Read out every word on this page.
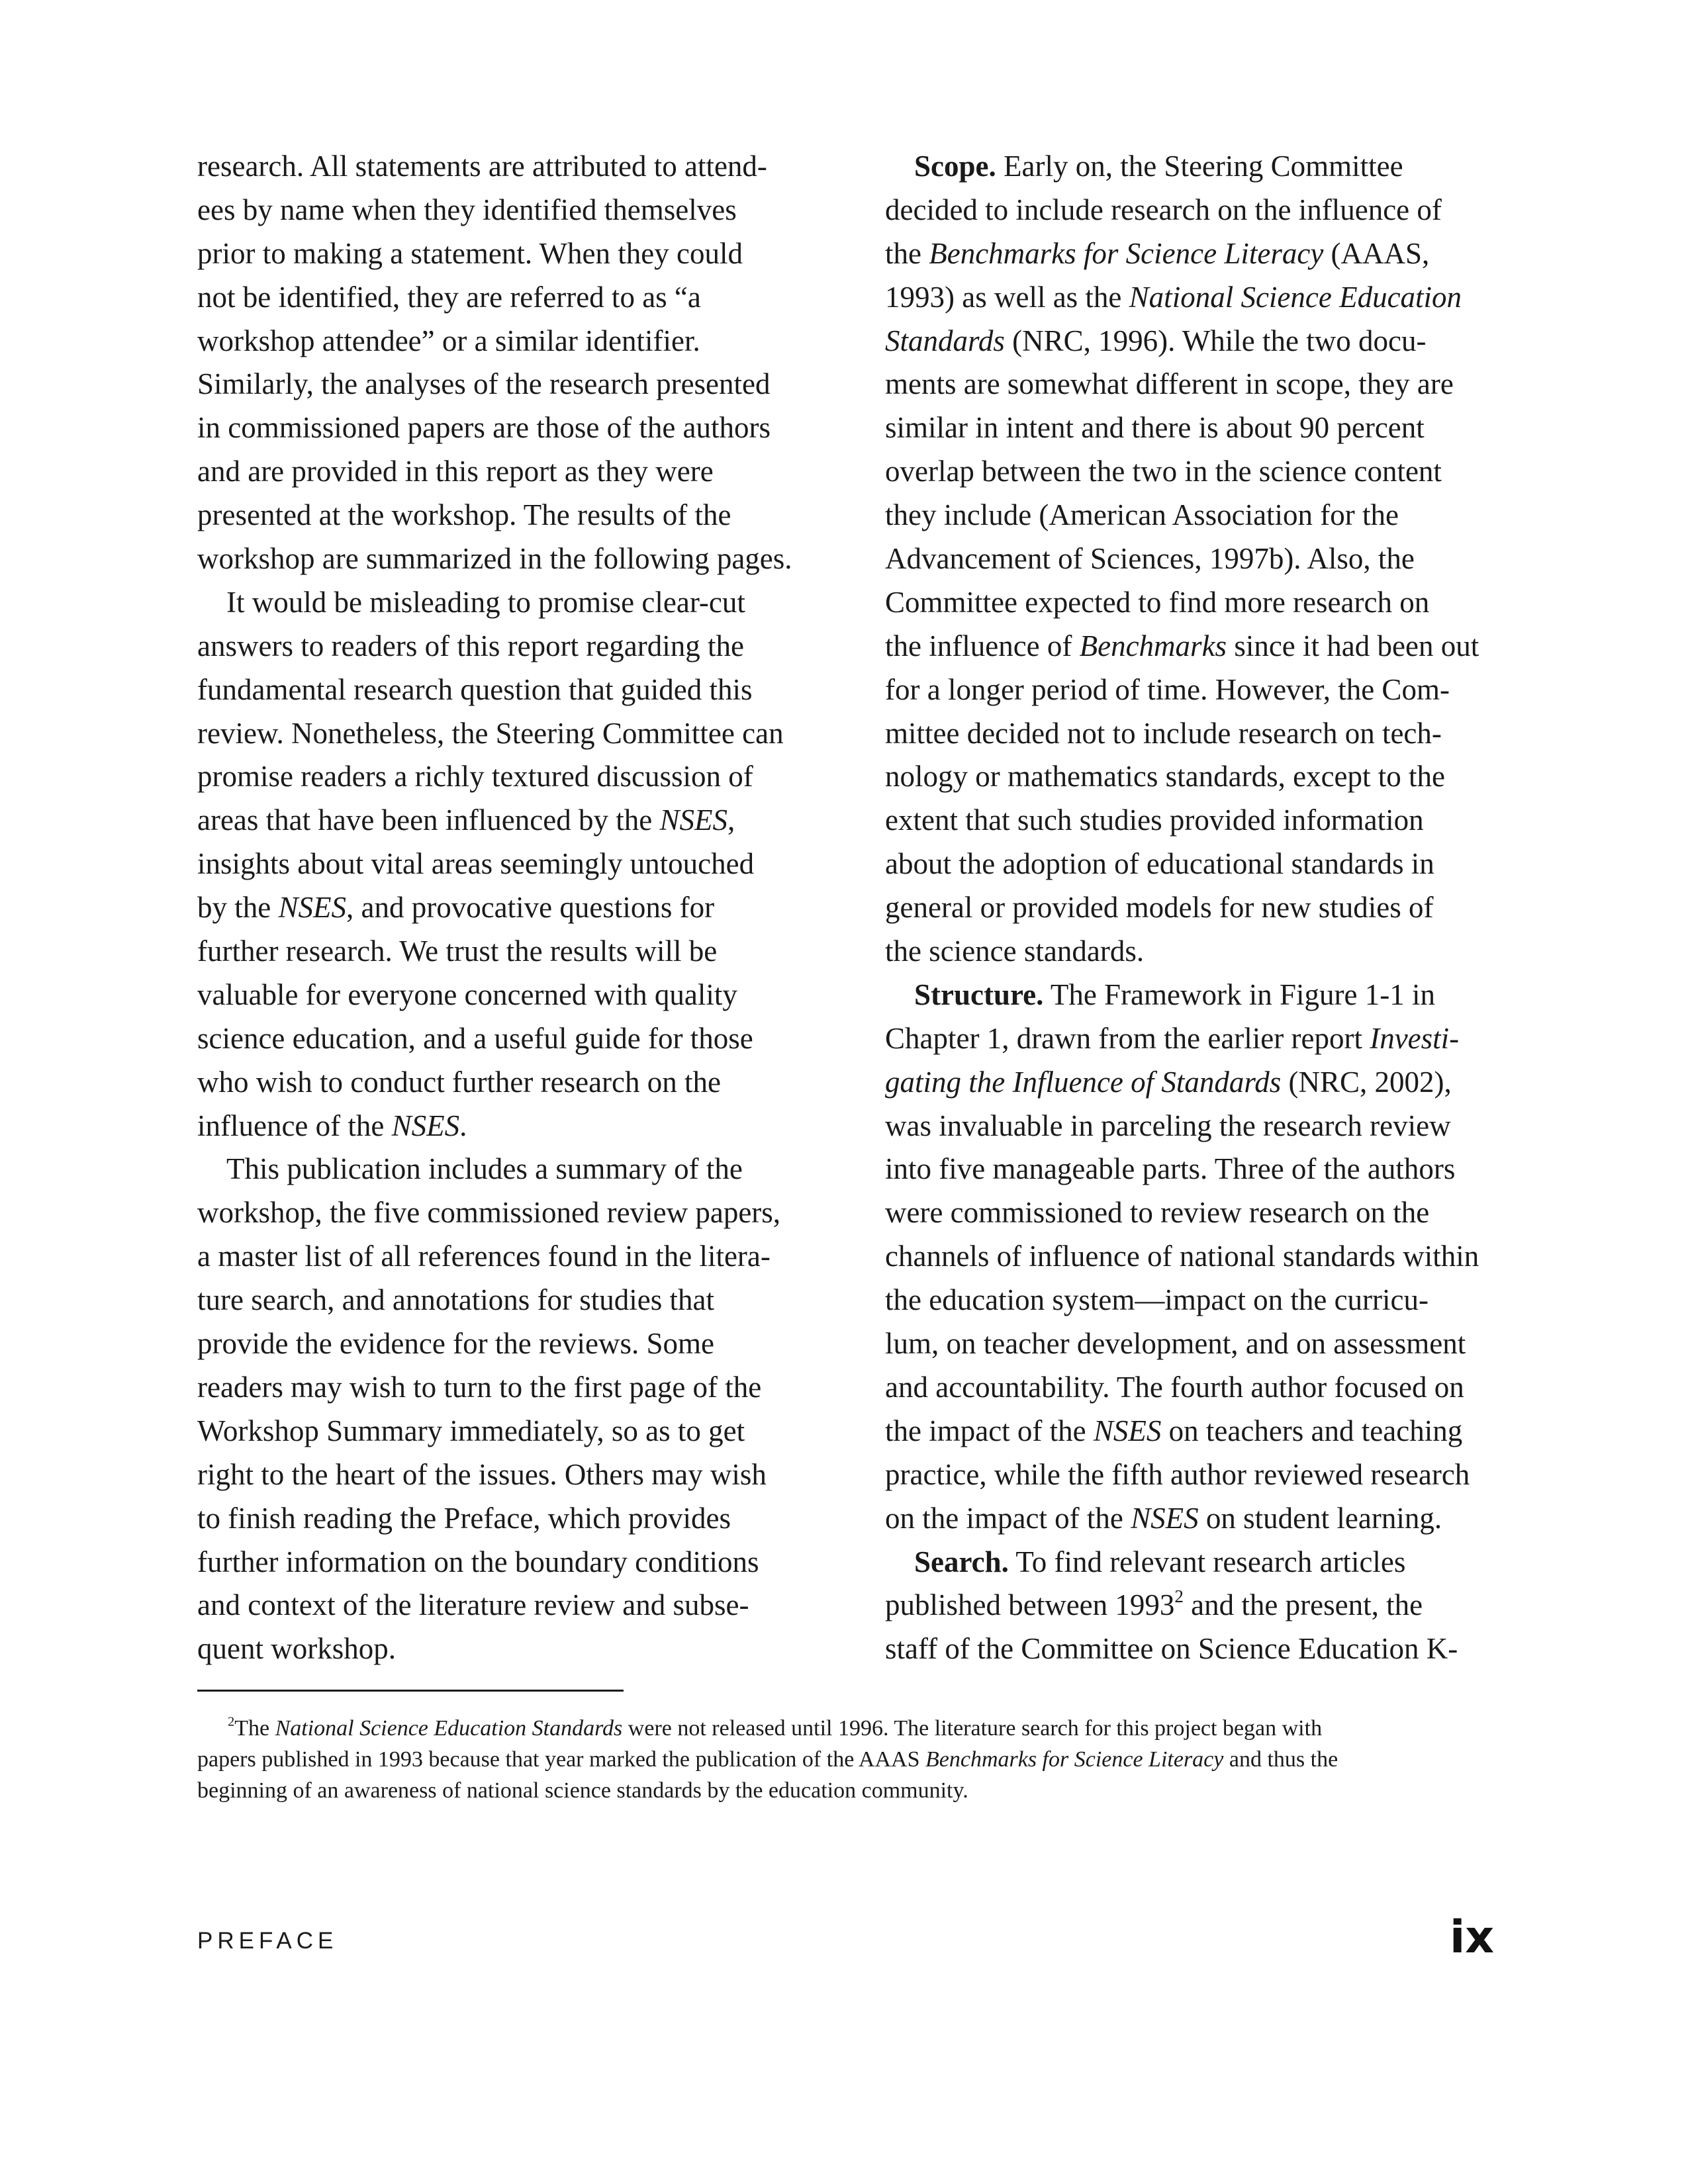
research. All statements are attributed to attend-
ees by name when they identified themselves
prior to making a statement. When they could
not be identified, they are referred to as “a
workshop attendee” or a similar identifier.
Similarly, the analyses of the research presented
in commissioned papers are those of the authors
and are provided in this report as they were
presented at the workshop. The results of the
workshop are summarized in the following pages.
It would be misleading to promise clear-cut
answers to readers of this report regarding the
fundamental research question that guided this
review. Nonetheless, the Steering Committee can
promise readers a richly textured discussion of
areas that have been influenced by the NSES,
insights about vital areas seemingly untouched
by the NSES, and provocative questions for
further research. We trust the results will be
valuable for everyone concerned with quality
science education, and a useful guide for those
who wish to conduct further research on the
influence of the NSES.
This publication includes a summary of the
workshop, the five commissioned review papers,
a master list of all references found in the litera-
ture search, and annotations for studies that
provide the evidence for the reviews. Some
readers may wish to turn to the first page of the
Workshop Summary immediately, so as to get
right to the heart of the issues. Others may wish
to finish reading the Preface, which provides
further information on the boundary conditions
and context of the literature review and subse-
quent workshop.
Scope. Early on, the Steering Committee
decided to include research on the influence of
the Benchmarks for Science Literacy (AAAS,
1993) as well as the National Science Education
Standards (NRC, 1996). While the two docu-
ments are somewhat different in scope, they are
similar in intent and there is about 90 percent
overlap between the two in the science content
they include (American Association for the
Advancement of Sciences, 1997b). Also, the
Committee expected to find more research on
the influence of Benchmarks since it had been out
for a longer period of time. However, the Com-
mittee decided not to include research on tech-
nology or mathematics standards, except to the
extent that such studies provided information
about the adoption of educational standards in
general or provided models for new studies of
the science standards.
Structure. The Framework in Figure 1-1 in
Chapter 1, drawn from the earlier report Investi-
gating the Influence of Standards (NRC, 2002),
was invaluable in parceling the research review
into five manageable parts. Three of the authors
were commissioned to review research on the
channels of influence of national standards within
the education system—impact on the curricu-
lum, on teacher development, and on assessment
and accountability. The fourth author focused on
the impact of the NSES on teachers and teaching
practice, while the fifth author reviewed research
on the impact of the NSES on student learning.
Search. To find relevant research articles
published between 1993$^2$ and the present, the
staff of the Committee on Science Education K-
$^2$The National Science Education Standards were not released until 1996. The literature search for this project began with
papers published in 1993 because that year marked the publication of the AAAS Benchmarks for Science Literacy and thus the
beginning of an awareness of national science standards by the education community.
PREFACE	ix
